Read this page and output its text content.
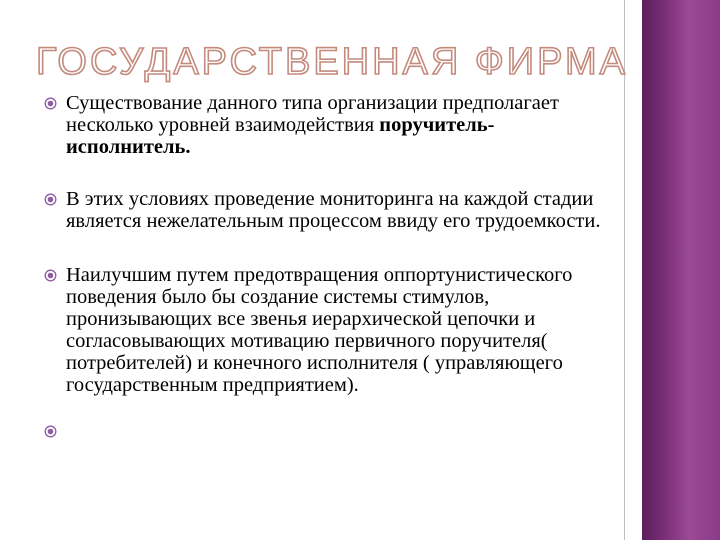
ГОСУДАРСТВЕННАЯ ФИРМА
Существование данного типа организации предполагает несколько уровней взаимодействия поручитель-исполнитель.
В этих условиях проведение мониторинга на каждой стадии является нежелательным процессом ввиду его трудоемкости.
Наилучшим путем предотвращения оппортунистического поведения было бы создание системы стимулов, пронизывающих все звенья иерархической цепочки и согласовывающих мотивацию первичного поручителя( потребителей) и конечного исполнителя ( управляющего государственным предприятием).
